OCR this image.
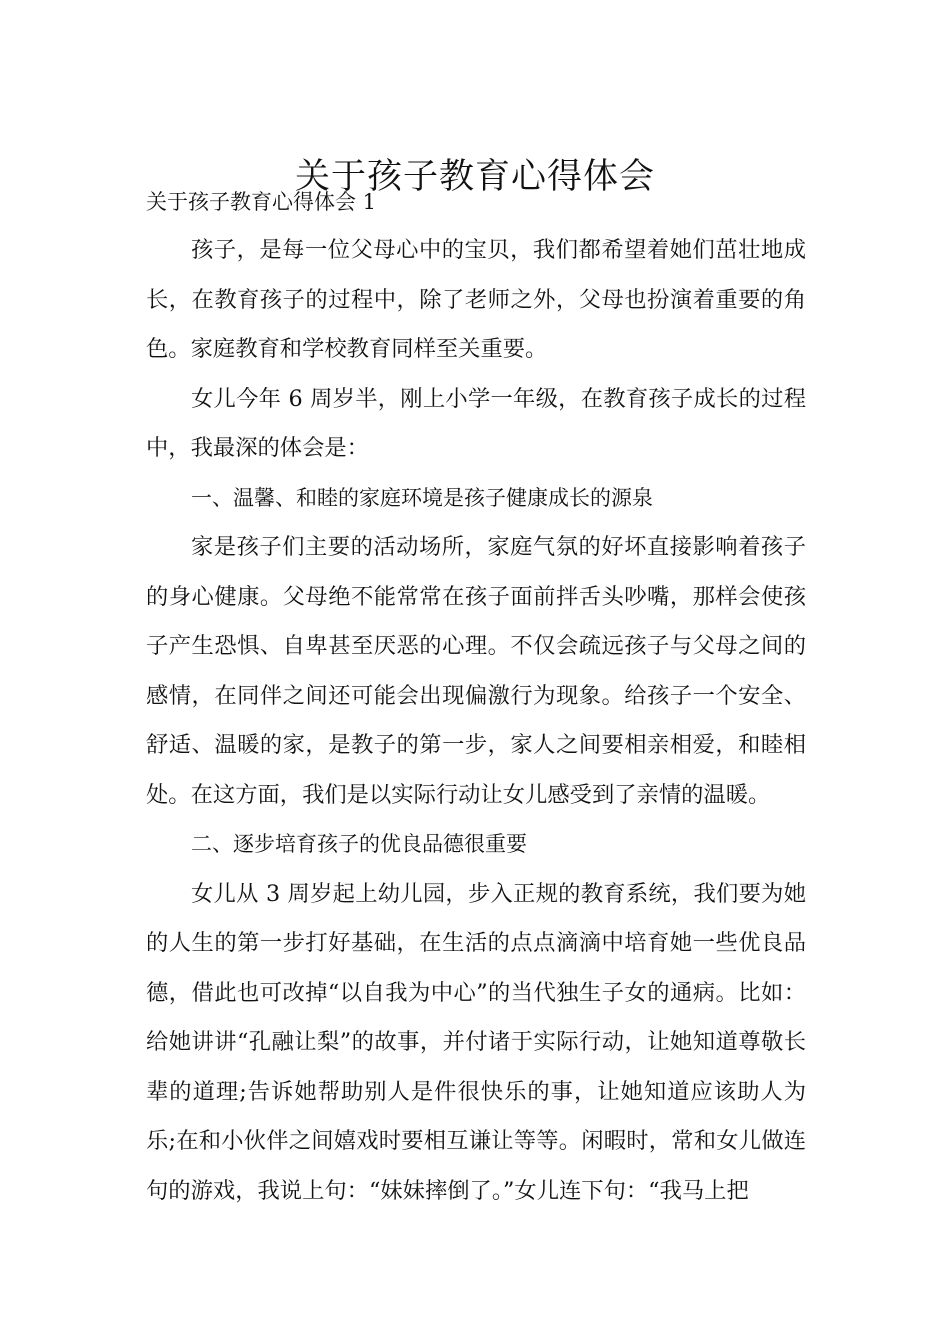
关于孩子教育心得体会
关于孩子教育心得体会 1

孩子，是每一位父母心中的宝贝，我们都希望着她们茁壮地成长，在教育孩子的过程中，除了老师之外，父母也扮演着重要的角色。家庭教育和学校教育同样至关重要。

女儿今年 6 周岁半，刚上小学一年级，在教育孩子成长的过程中，我最深的体会是：

一、温馨、和睦的家庭环境是孩子健康成长的源泉

家是孩子们主要的活动场所，家庭气氛的好坏直接影响着孩子的身心健康。父母绝不能常常在孩子面前拌舌头吵嘴，那样会使孩子产生恐惧、自卑甚至厌恶的心理。不仅会疏远孩子与父母之间的感情，在同伴之间还可能会出现偏激行为现象。给孩子一个安全、舒适、温暖的家，是教子的第一步，家人之间要相亲相爱，和睦相处。在这方面，我们是以实际行动让女儿感受到了亲情的温暖。

二、逐步培育孩子的优良品德很重要

女儿从 3 周岁起上幼儿园，步入正规的教育系统，我们要为她的人生的第一步打好基础，在生活的点点滴滴中培育她一些优良品德，借此也可改掉“以自我为中心”的当代独生子女的通病。比如：给她讲讲“孔融让梨”的故事，并付诸于实际行动，让她知道尊敬长辈的道理;告诉她帮助别人是件很快乐的事，让她知道应该助人为乐;在和小伙伴之间嬉戏时要相互谦让等等。闲暇时，常和女儿做连句的游戏，我说上句：“妹妹摔倒了。”女儿连下句：“我马上把
